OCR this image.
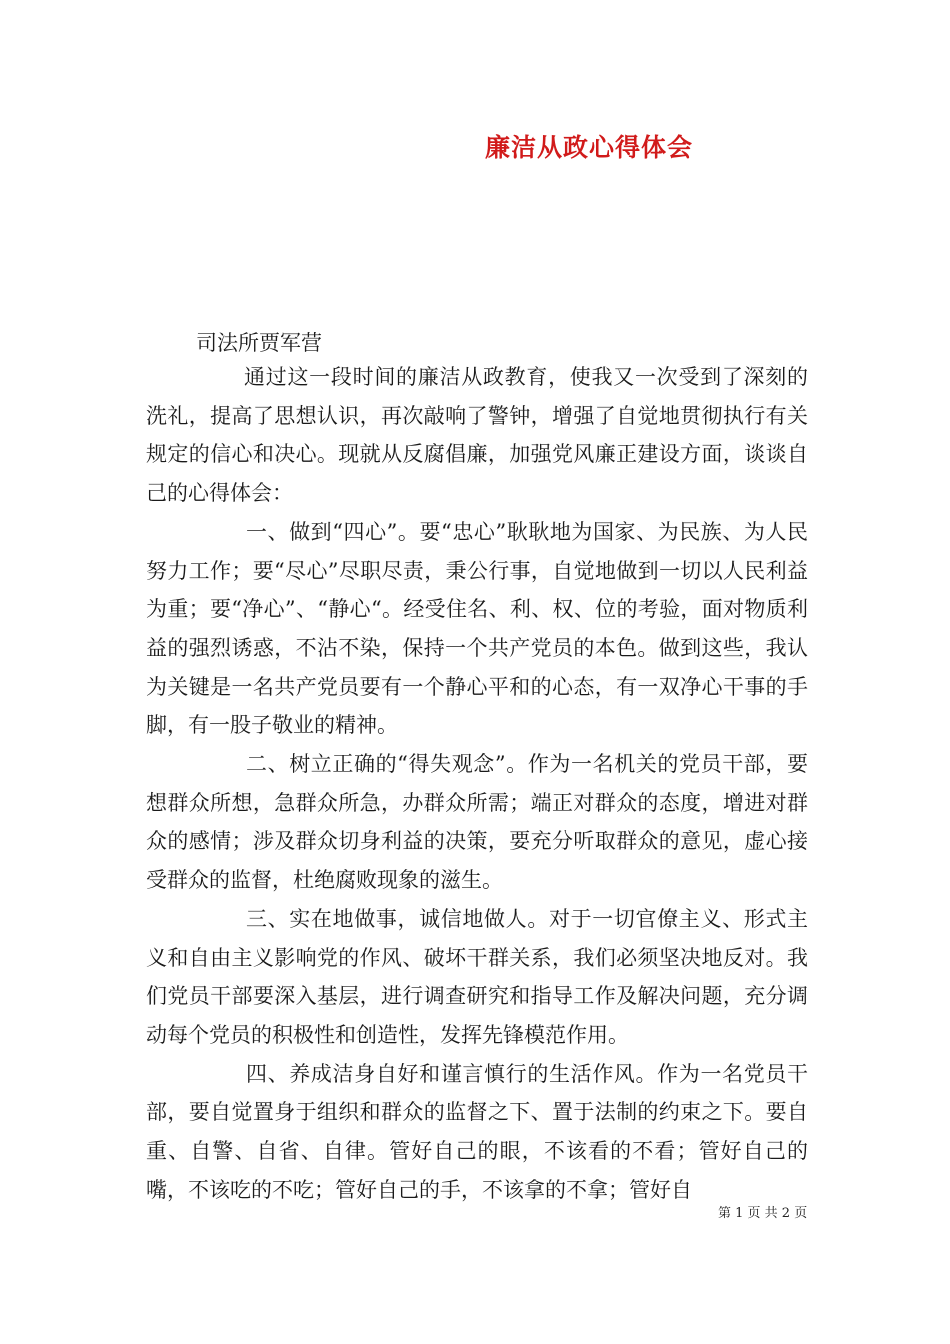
廉洁从政心得体会
司法所贾军营

通过这一段时间的廉洁从政教育，使我又一次受到了深刻的洗礼，提高了思想认识，再次敲响了警钟，增强了自觉地贯彻执行有关规定的信心和决心。现就从反腐倡廉，加强党风廉正建设方面，谈谈自己的心得体会：

一、做到“四心”。要“忠心”耿耿地为国家、为民族、为人民努力工作；要“尽心”尽职尽责，秉公行事，自觉地做到一切以人民利益为重；要“净心”、“静心“。经受住名、利、权、位的考验，面对物质利益的强烈诱惑，不沾不染，保持一个共产党员的本色。做到这些，我认为关键是一名共产党员要有一个静心平和的心态，有一双净心干事的手脚，有一股子敬业的精神。

二、树立正确的“得失观念”。作为一名机关的党员干部，要想群众所想，急群众所急，办群众所需；端正对群众的态度，增进对群众的感情；涉及群众切身利益的决策，要充分听取群众的意见，虚心接受群众的监督，杜绝腐败现象的滋生。

三、实在地做事，诚信地做人。对于一切官僚主义、形式主义和自由主义影响党的作风、破坏干群关系，我们必须坚决地反对。我们党员干部要深入基层，进行调查研究和指导工作及解决问题，充分调动每个党员的积极性和创造性，发挥先锋模范作用。

四、养成洁身自好和谨言慎行的生活作风。作为一名党员干部，要自觉置身于组织和群众的监督之下、置于法制的约束之下。要自重、自警、自省、自律。管好自己的眼，不该看的不看；管好自己的嘴，不该吃的不吃；管好自己的手，不该拿的不拿；管好自

第 1 页 共 2 页
